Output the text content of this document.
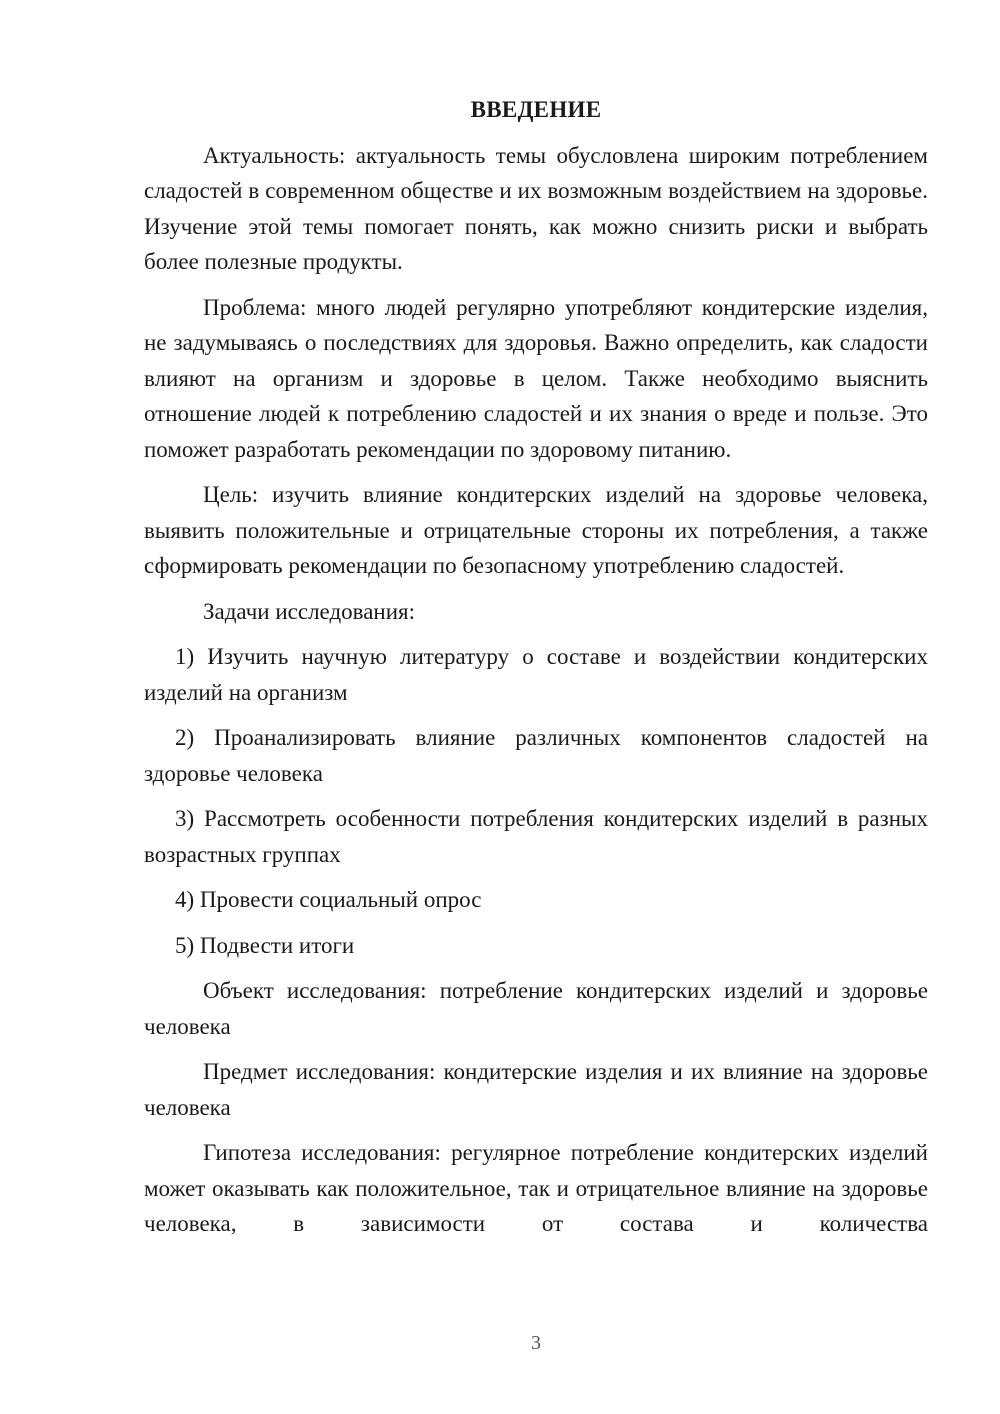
ВВЕДЕНИЕ

Актуальность: актуальность темы обусловлена широким потреблением сладостей в современном обществе и их возможным воздействием на здоровье. Изучение этой темы помогает понять, как можно снизить риски и выбрать более полезные продукты.

Проблема: много людей регулярно употребляют кондитерские изделия, не задумываясь о последствиях для здоровья. Важно определить, как сладости влияют на организм и здоровье в целом. Также необходимо выяснить отношение людей к потреблению сладостей и их знания о вреде и пользе. Это поможет разработать рекомендации по здоровому питанию.

Цель: изучить влияние кондитерских изделий на здоровье человека, выявить положительные и отрицательные стороны их потребления, а также сформировать рекомендации по безопасному употреблению сладостей.

Задачи исследования:

1) Изучить научную литературу о составе и воздействии кондитерских изделий на организм

2) Проанализировать влияние различных компонентов сладостей на здоровье человека

3) Рассмотреть особенности потребления кондитерских изделий в разных возрастных группах

4) Провести социальный опрос

5) Подвести итоги

Объект исследования: потребление кондитерских изделий и здоровье человека

Предмет исследования: кондитерские изделия и их влияние на здоровье человека

Гипотеза исследования: регулярное потребление кондитерских изделий может оказывать как положительное, так и отрицательное влияние на здоровье человека, в зависимости от состава и количества

3
